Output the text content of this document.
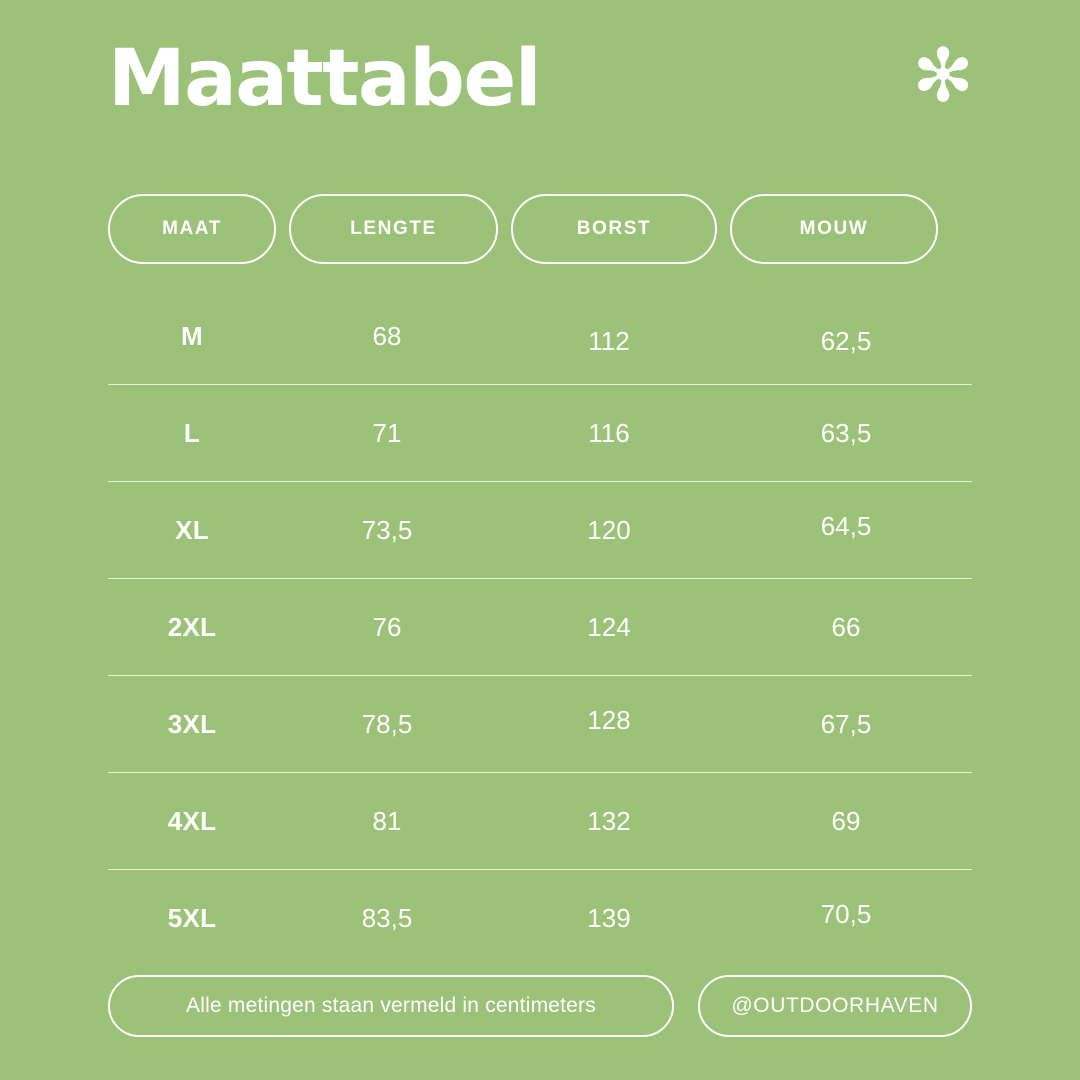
Maattabel	✻
MAAT	LENGTE	BORST	MOUW
M	68	112	62,5
L	71	116	63,5
XL	73,5	120	64,5
2XL	76	124	66
3XL	78,5	128	67,5
4XL	81	132	69
5XL	83,5	139	70,5
Alle metingen staan vermeld in centimeters	@OUTDOORHAVEN
